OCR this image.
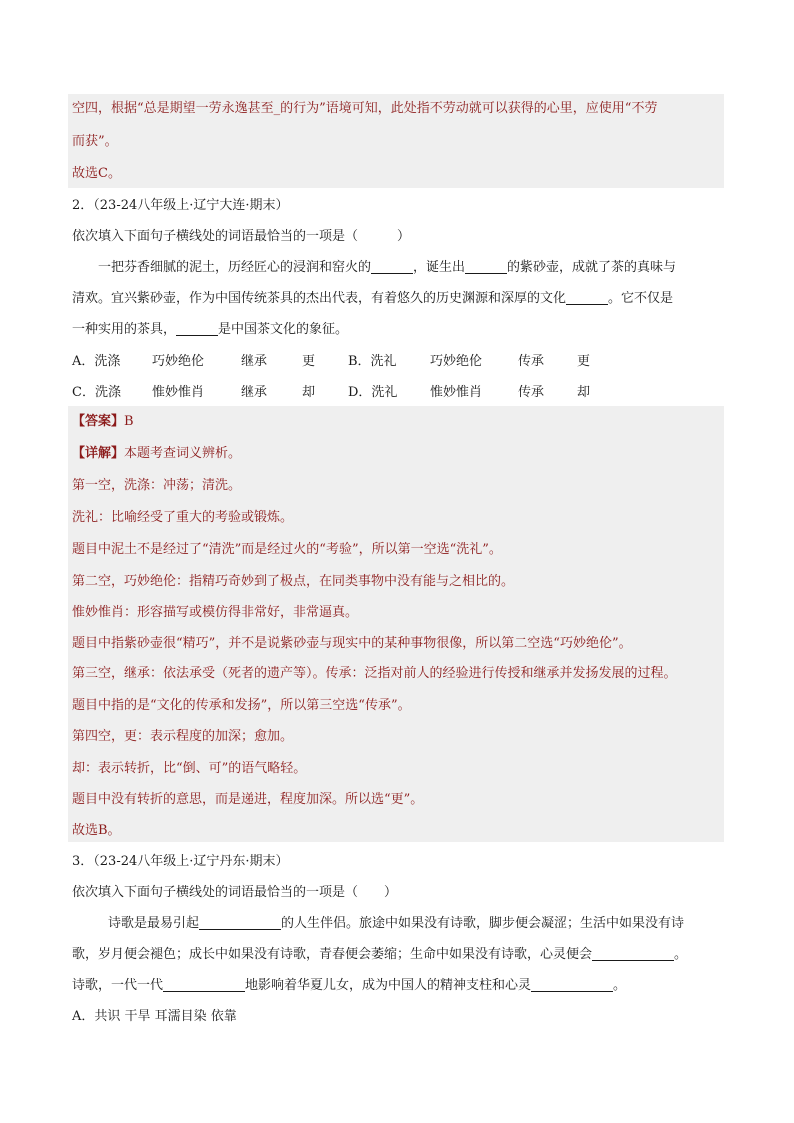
空四，根据“总是期望一劳永逸甚至_的行为”语境可知，此处指不劳动就可以获得的心里，应使用“不劳
而获”。
故选C。
2．（23-24八年级上·辽宁大连·期末）
依次填入下面句子横线处的词语最恰当的一项是（　　　）
一把芬香细腻的泥土，历经匠心的浸润和窑火的	，诞生出	的紫砂壶，成就了茶的真味与
清欢。宜兴紫砂壶，作为中国传统茶具的杰出代表，有着悠久的历史渊源和深厚的文化	。它不仅是
一种实用的茶具，	是中国茶文化的象征。
A．洗涤 巧妙绝伦	继承	更	B．洗礼	巧妙绝伦	传承	更
C．洗涤 惟妙惟肖	继承	却	D．洗礼	惟妙惟肖	传承	却
【答案】B
【详解】本题考查词义辨析。
第一空，洗涤：冲荡；清洗。
洗礼：比喻经受了重大的考验或锻炼。
题目中泥土不是经过了“清洗”而是经过火的“考验”，所以第一空选“洗礼”。
第二空，巧妙绝伦：指精巧奇妙到了极点，在同类事物中没有能与之相比的。
惟妙惟肖：形容描写或模仿得非常好，非常逼真。
题目中指紫砂壶很“精巧”，并不是说紫砂壶与现实中的某种事物很像，所以第二空选“巧妙绝伦”。
第三空，继承：依法承受（死者的遗产等）。传承：泛指对前人的经验进行传授和继承并发扬发展的过程。
题目中指的是“文化的传承和发扬”，所以第三空选“传承”。
第四空，更：表示程度的加深；愈加。
却：表示转折，比“倒、可”的语气略轻。
题目中没有转折的意思，而是递进，程度加深。所以选“更”。
故选B。
3．（23-24八年级上·辽宁丹东·期末）
依次填入下面句子横线处的词语最恰当的一项是（　　）
诗歌是最易引起	的人生伴侣。旅途中如果没有诗歌，脚步便会凝涩；生活中如果没有诗
歌，岁月便会褪色；成长中如果没有诗歌，青春便会萎缩；生命中如果没有诗歌，心灵便会	。
诗歌，一代一代	地影响着华夏儿女，成为中国人的精神支柱和心灵	。
A．共识 干旱 耳濡目染 依靠
